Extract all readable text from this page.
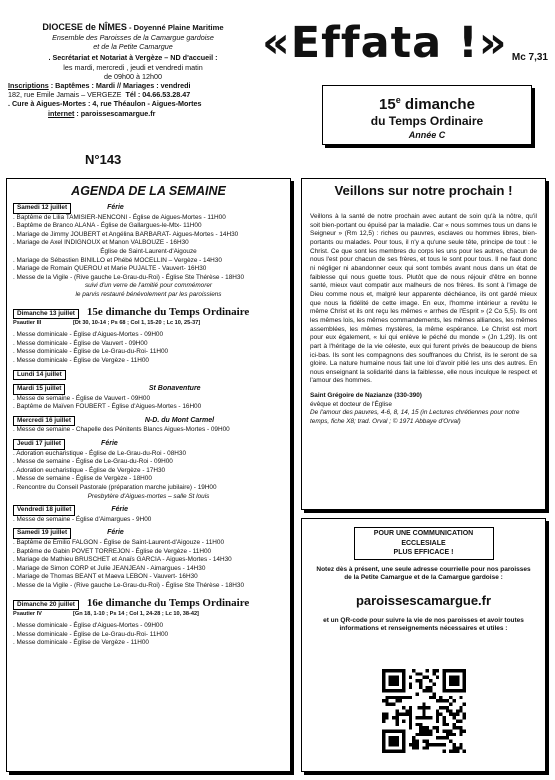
DIOCESE de NÎMES - Doyenné Plaine Maritime
Ensemble des Paroisses de la Camargue gardoise
et de la Petite Camargue
. Secrétariat et Notariat à Vergèze – ND d'accueil :
les mardi, mercredi , jeudi et vendredi matin
de 09h00 à 12h00
Inscriptions : Baptêmes : Mardi // Mariages : vendredi
182, rue Emile Jamais – VERGEZE Tél : 04.66.53.28.47
. Cure à Aigues-Mortes : 4, rue Théaulon - Aigues-Mortes
internet : paroissescamargue.fr
N°143
«Effata !» Mc 7,31
15e dimanche
du Temps Ordinaire
Année C
AGENDA DE LA SEMAINE
Samedi 12 juillet	Férie
. Baptême de Lilia TAMISIER-NENCONI - Église de Aigues-Mortes - 11H00
. Baptême de Branco ALANA - Église de Gallargues-le-Mtx- 11H00
. Mariage de Jimmy JOUBERT et Angélina BARBARAT- Aigues-Mortes - 14H30
. Mariage de Axel INDIGNOUX et Manon VALBOUZE - 16H30
Église de Saint-Laurent-d'Aigouze
. Mariage de Sébastien BINILLO et Phébé MOCELLIN – Vergèze - 14H30
. Mariage de Romain QUEROU et Marie PUJALTE - Vauvert- 16H30
. Messe de la Vigile - (Rive gauche Le-Grau-du-Roi) - Église Ste Thérèse - 18H30
suivi d'un verre de l'amitié pour commémorer
le parvis restauré bénévolement par les paroissiens
Dimanche 13 juillet	15e dimanche du Temps Ordinaire
Psautier III	[Dt 30, 10-14 ; Ps 68 ; Col 1, 15-20 ; Lc 10, 25-37]
. Messe dominicale - Église d'Aigues-Mortes - 09H00
. Messe dominicale - Église de Vauvert - 09H00
. Messe dominicale - Église de Le-Grau-du-Roi- 11H00
. Messe dominicale - Église de Vergèze - 11H00
Lundi 14 juillet
Mardi 15 juillet	St Bonaventure
. Messe de semaine - Église de Vauvert - 09H00
. Baptême de Maïven FOUBERT - Église d'Aigues-Mortes - 16H00
Mercredi 16 juillet	N-D. du Mont Carmel
. Messe de semaine - Chapelle des Pénitents Blancs Aigues-Mortes - 09H00
Jeudi 17 juillet	Férie
. Adoration eucharistique - Église de Le-Grau-du-Roi - 08H30
. Messe de semaine - Église de Le-Grau-du-Roi - 09H00
. Adoration eucharistique - Église de Vergèze - 17H30
. Messe de semaine - Église de Vergèze - 18H00
. Rencontre du Conseil Pastorale (préparation marche jubilaire) - 19H00
Presbytère d'Aigues-mortes – salle St louis
Vendredi 18 juillet	Férie
. Messe de semaine - Église d'Aimargues - 9H00
Samedi 19 juillet	Férie
. Baptême de Emilio FALGON - Église de Saint-Laurent-d'Aigouze - 11H00
. Baptême de Gabin POVET TORREJON - Église de Vergèze - 11H00
. Mariage de Mathieu BRUSCHET et Anaïs GARCIA - Aigues-Mortes - 14H30
. Mariage de Simon CORP et Julie JEANJEAN - Aimargues - 14H30
. Mariage de Thomas BEANT et Maeva LEBON - Vauvert- 16H30
. Messe de la Vigile - (Rive gauche Le-Grau-du-Roi) - Église Ste Thérèse - 18H30
Dimanche 20 juillet	16e dimanche du Temps Ordinaire
Psautier IV	[Gn 18, 1-10 ; Ps 14 ; Col 1, 24-28 ; Lc 10, 38-42]
. Messe dominicale - Église d'Aigues-Mortes - 09H00
. Messe dominicale - Église de Le-Grau-du-Roi- 11H00
. Messe dominicale - Église de Vergèze - 11H00
Veillons sur notre prochain !

Veillons à la santé de notre prochain avec autant de soin qu'à la nôtre, qu'il soit bien-portant ou épuisé par la maladie. Car « nous sommes tous un dans le Seigneur » (Rm 12,5) : riches ou pauvres, esclaves ou hommes libres, bien-portants ou malades. Pour tous, il n'y a qu'une seule tête, principe de tout : le Christ. Ce que sont les membres du corps les uns pour les autres, chacun de nous l'est pour chacun de ses frères, et tous le sont pour tous. Il ne faut donc ni négliger ni abandonner ceux qui sont tombés avant nous dans un état de faiblesse qui nous guette tous. Plutôt que de nous réjouir d'être en bonne santé, mieux vaut compatir aux malheurs de nos frères. Ils sont à l'image de Dieu comme nous et, malgré leur apparente déchéance, ils ont gardé mieux que nous la fidélité de cette image. En eux, l'homme intérieur a revêtu le même Christ et ils ont reçu les mêmes « arrhes de l'Esprit » (2 Co 5,5). Ils ont les mêmes lois, les mêmes commandements, les mêmes alliances, les mêmes assemblées, les mêmes mystères, la même espérance. Le Christ est mort pour eux également, « lui qui enlève le péché du monde » (Jn 1,29). Ils ont part à l'héritage de la vie céleste, eux qui furent privés de beaucoup de biens ici-bas. Ils sont les compagnons des souffrances du Christ, ils le seront de sa gloire. La nature humaine nous fait une loi d'avoir pitié les uns des autres. En nous enseignant la solidarité dans la faiblesse, elle nous inculque le respect et l'amour des hommes.

Saint Grégoire de Nazianze (330-390)
évêque et docteur de l'Église
De l'amour des pauvres, 4-6, 8, 14, 15 (in Lectures chrétiennes pour notre temps, fiche X8; trad. Orval ; © 1971 Abbaye d'Orval)
POUR UNE COMMUNICATION ECCLESIALE
PLUS EFFICACE !
Notez dès à présent, une seule adresse courrielle pour nos paroisses de la Petite Camargue et de la Camargue gardoise :
paroissescamargue.fr
et un QR-code pour suivre la vie de nos paroisses et avoir toutes informations et renseignements nécessaires et utiles :
